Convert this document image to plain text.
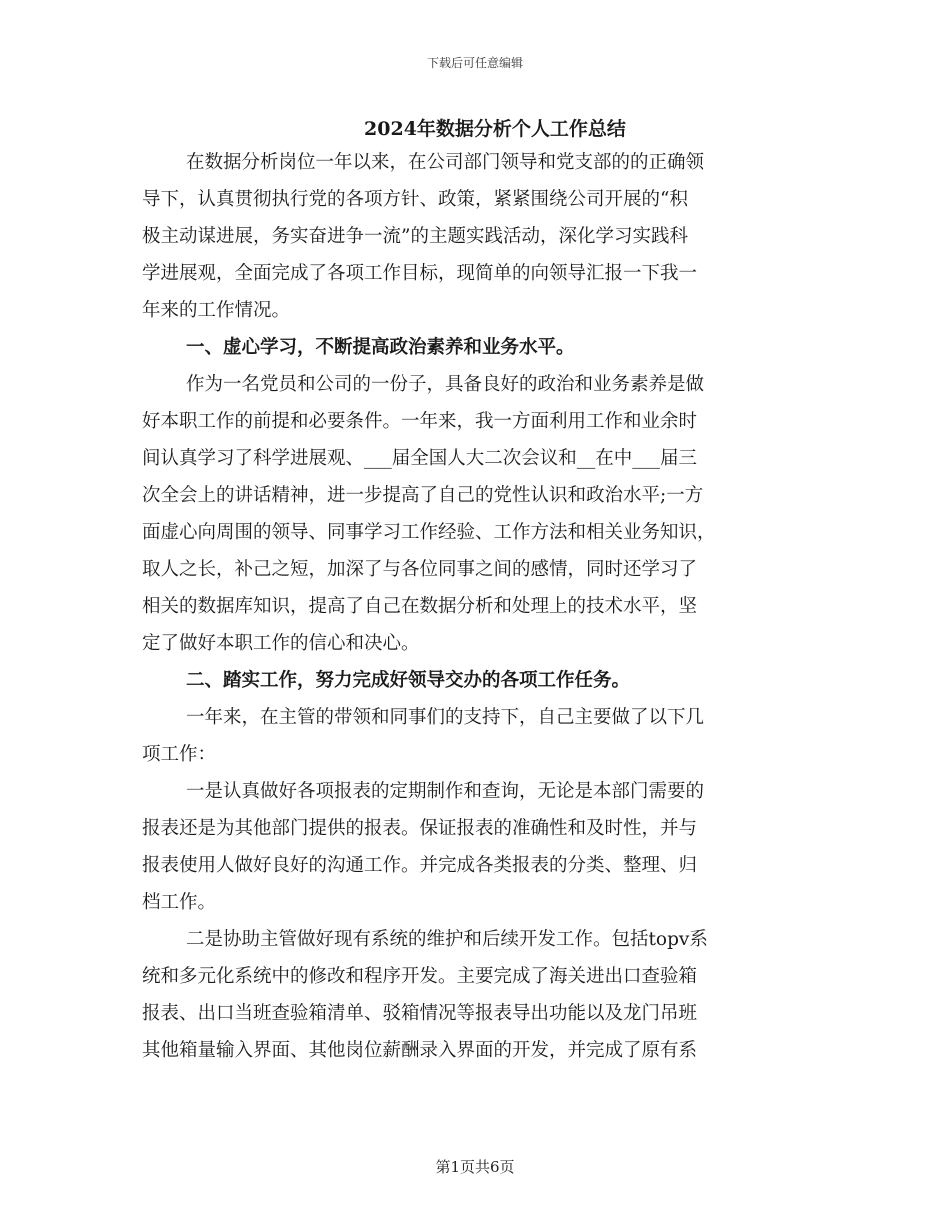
下载后可任意编辑

2024年数据分析个人工作总结

在数据分析岗位一年以来，在公司部门领导和党支部的的正确领

导下，认真贯彻执行党的各项方针、政策，紧紧围绕公司开展的“积

极主动谋进展，务实奋进争一流”的主题实践活动，深化学习实践科

学进展观，全面完成了各项工作目标，现简单的向领导汇报一下我一

年来的工作情况。

一、虚心学习，不断提高政治素养和业务水平。

作为一名党员和公司的一份子，具备良好的政治和业务素养是做

好本职工作的前提和必要条件。一年来，我一方面利用工作和业余时

间认真学习了科学进展观、___届全国人大二次会议和__在中___届三

次全会上的讲话精神，进一步提高了自己的党性认识和政治水平;一方

面虚心向周围的领导、同事学习工作经验、工作方法和相关业务知识，

取人之长，补己之短，加深了与各位同事之间的感情，同时还学习了

相关的数据库知识，提高了自己在数据分析和处理上的技术水平，坚

定了做好本职工作的信心和决心。

二、踏实工作，努力完成好领导交办的各项工作任务。

一年来，在主管的带领和同事们的支持下，自己主要做了以下几

项工作：

一是认真做好各项报表的定期制作和查询，无论是本部门需要的

报表还是为其他部门提供的报表。保证报表的准确性和及时性，并与

报表使用人做好良好的沟通工作。并完成各类报表的分类、整理、归

档工作。

二是协助主管做好现有系统的维护和后续开发工作。包括topv系

统和多元化系统中的修改和程序开发。主要完成了海关进出口查验箱

报表、出口当班查验箱清单、驳箱情况等报表导出功能以及龙门吊班

其他箱量输入界面、其他岗位薪酬录入界面的开发，并完成了原有系

第1页共6页
